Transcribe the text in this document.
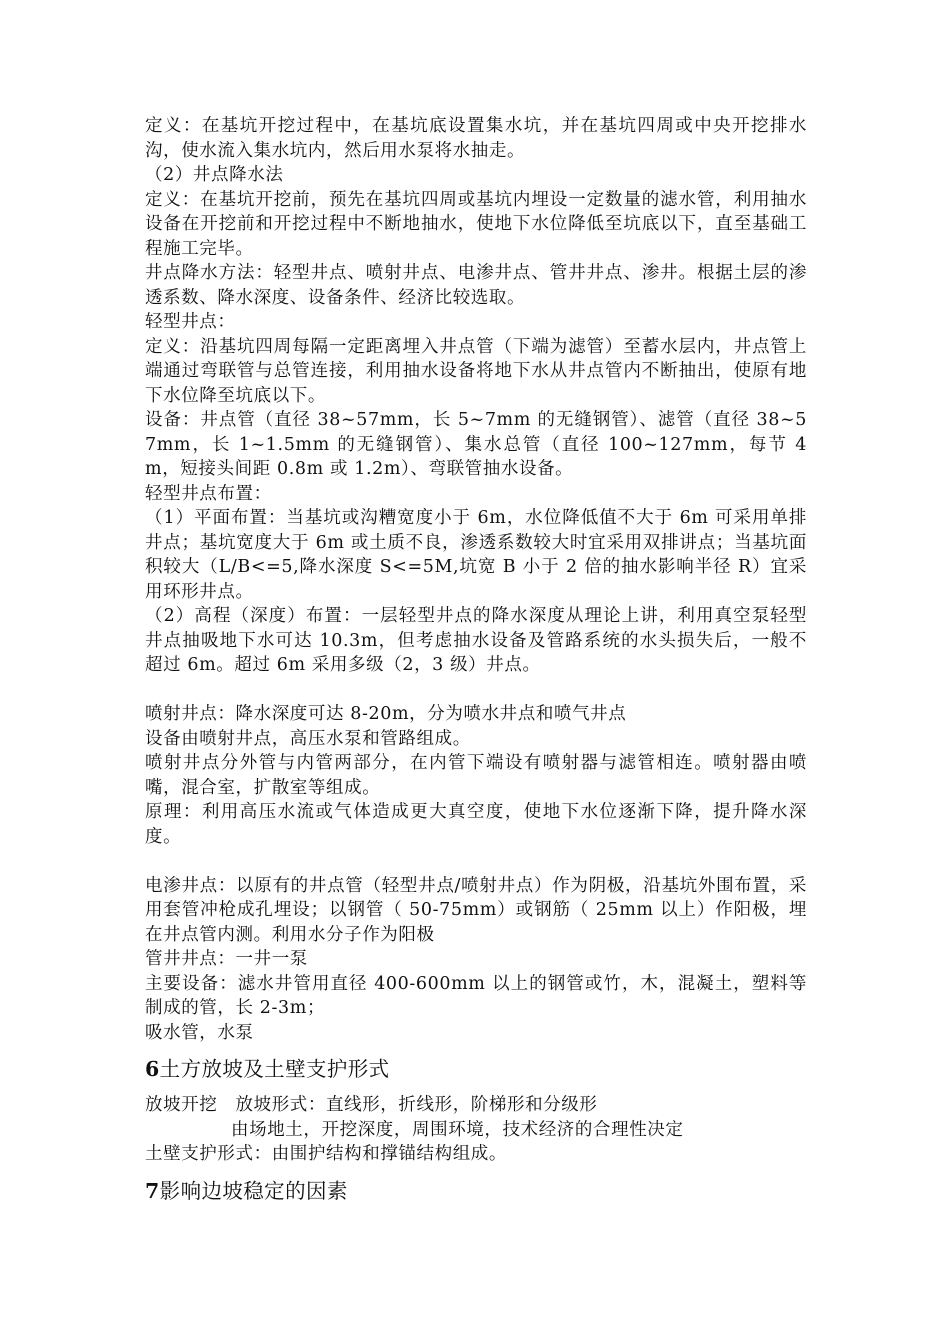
定义：在基坑开挖过程中，在基坑底设置集水坑，并在基坑四周或中央开挖排水沟，使水流入集水坑内，然后用水泵将水抽走。

（2）井点降水法

定义：在基坑开挖前，预先在基坑四周或基坑内埋设一定数量的滤水管，利用抽水设备在开挖前和开挖过程中不断地抽水，使地下水位降低至坑底以下，直至基础工程施工完毕。

井点降水方法：轻型井点、喷射井点、电渗井点、管井井点、渗井。根据土层的渗透系数、降水深度、设备条件、经济比较选取。

轻型井点：

定义：沿基坑四周每隔一定距离埋入井点管（下端为滤管）至蓄水层内，井点管上端通过弯联管与总管连接，利用抽水设备将地下水从井点管内不断抽出，使原有地下水位降至坑底以下。

设备：井点管（直径 38~57mm，长 5~7mm 的无缝钢管）、滤管（直径 38~57mm，长 1~1.5mm 的无缝钢管）、集水总管（直径 100~127mm，每节 4m，短接头间距 0.8m 或 1.2m）、弯联管抽水设备。

轻型井点布置：

（1）平面布置：当基坑或沟糟宽度小于 6m，水位降低值不大于 6m 可采用单排井点；基坑宽度大于 6m 或土质不良，渗透系数较大时宜采用双排讲点；当基坑面积较大（L/B<=5,降水深度 S<=5M,坑宽 B 小于 2 倍的抽水影响半径 R）宜采用环形井点。

（2）高程（深度）布置：一层轻型井点的降水深度从理论上讲，利用真空泵轻型井点抽吸地下水可达 10.3m，但考虑抽水设备及管路系统的水头损失后，一般不超过 6m。超过 6m 采用多级（2，3 级）井点。

喷射井点：降水深度可达 8-20m，分为喷水井点和喷气井点

设备由喷射井点，高压水泵和管路组成。

喷射井点分外管与内管两部分，在内管下端设有喷射器与滤管相连。喷射器由喷嘴，混合室，扩散室等组成。

原理：利用高压水流或气体造成更大真空度，使地下水位逐渐下降，提升降水深度。

电渗井点：以原有的井点管（轻型井点/喷射井点）作为阴极，沿基坑外围布置，采用套管冲枪成孔埋设；以钢管（ 50-75mm）或钢筋（ 25mm 以上）作阳极，埋在井点管内测。利用水分子作为阳极

管井井点：一井一泵

主要设备：滤水井管用直径 400-600mm 以上的钢管或竹，木，混凝土，塑料等制成的管，长 2-3m；

吸水管，水泵

6土方放坡及土壁支护形式

放坡开挖　放坡形式：直线形，折线形，阶梯形和分级形

由场地土，开挖深度，周围环境，技术经济的合理性决定

土壁支护形式：由围护结构和撑锚结构组成。

7影响边坡稳定的因素
